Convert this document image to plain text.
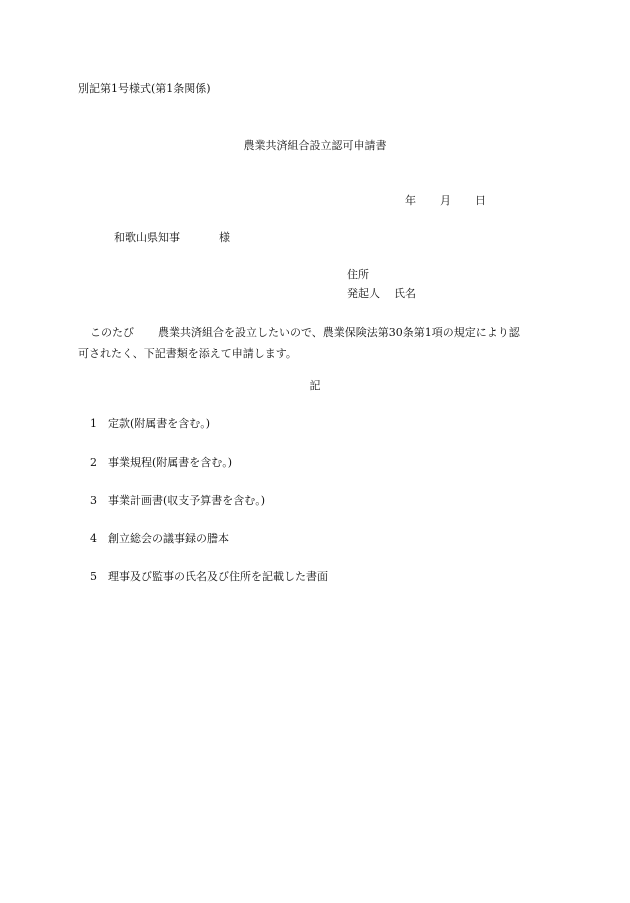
別記第1号様式(第1条関係)
農業共済組合設立認可申請書
年 月 日
和歌山県知事	様
住所
発起人 氏名
このたび 農業共済組合を設立したいので、農業保険法第30条第1項の規定により認
可されたく、下記書類を添えて申請します。
記
1 定款(附属書を含む。)
2 事業規程(附属書を含む。)
3 事業計画書(収支予算書を含む。)
4 創立総会の議事録の謄本
5 理事及び監事の氏名及び住所を記載した書面
